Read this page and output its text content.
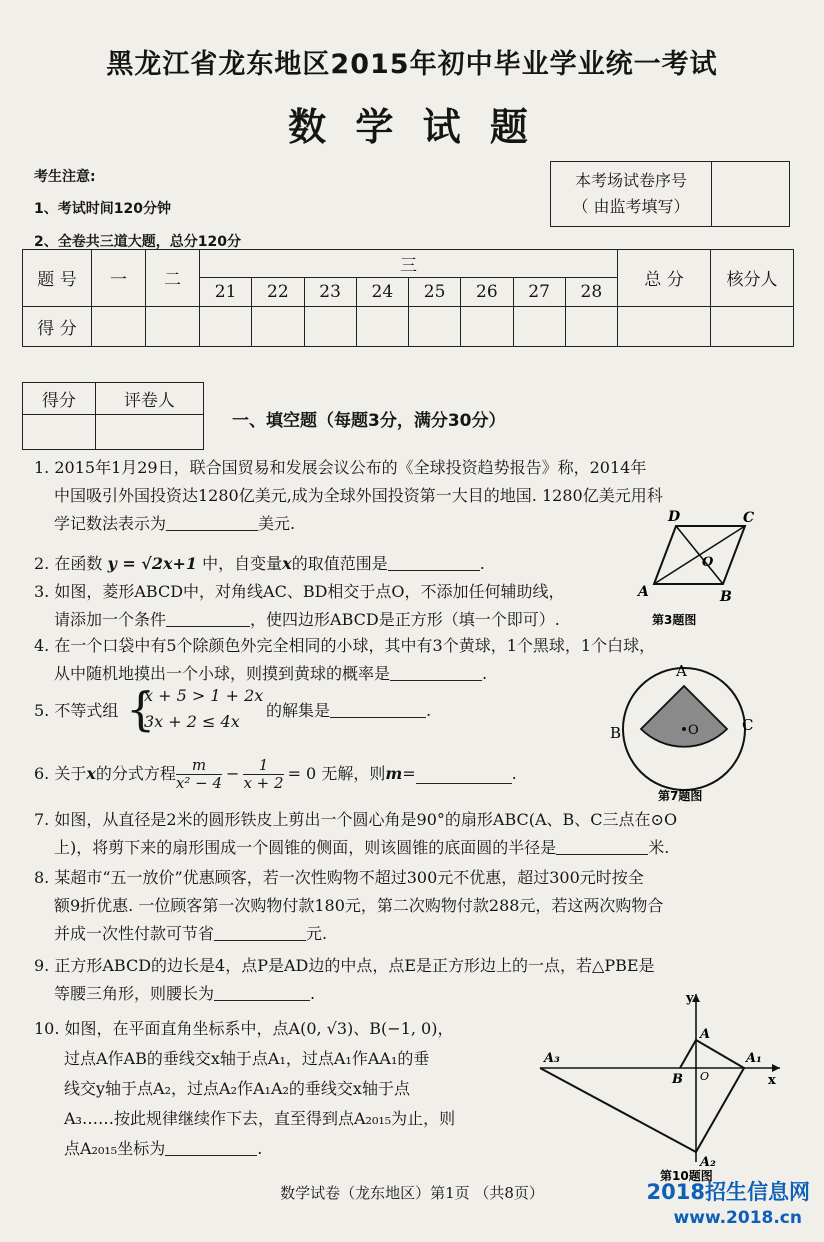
黑龙江省龙东地区2015年初中毕业学业统一考试
数 学 试 题
考生注意:
1、考试时间120分钟
2、全卷共三道大题，总分120分
本考场试卷序号
（ 由监考填写）

题 号	一	二	三								总 分	核分人
			21	22	23	24	25	26	27	28		
得 分												
得分	评卷人

一、填空题（每题3分，满分30分）
1. 2015年1月29日，联合国贸易和发展会议公布的《全球投资趋势报告》称，2014年
中国吸引外国投资达1280亿美元,成为全球外国投资第一大目的地国. 1280亿美元用科
学记数法表示为	美元.
2. 在函数 y = √2x+1 中，自变量x的取值范围是	.
3. 如图，菱形ABCD中，对角线AC、BD相交于点O，不添加任何辅助线，
请添加一个条件	，使四边形ABCD是正方形（填一个即可）.
D	C
A	B
O
第3题图
4. 在一个口袋中有5个除颜色外完全相同的小球，其中有3个黄球，1个黑球，1个白球，
从中随机地摸出一个小球，则摸到黄球的概率是	.
5. 不等式组 {
x + 5 > 1 + 2x
3x + 2 ≤ 4x
的解集是	.
A
B	C
O
第7题图
6. 关于 x 的分式方程 $\frac{m}{\text{x² − 4}} - \frac{1}{x + 2} = 0$ 无解，则 m =	.
7. 如图，从直径是2米的圆形铁皮上剪出一个圆心角是90°的扇形ABC(A、B、C三点在⊙O
上)，将剪下来的扇形围成一个圆锥的侧面，则该圆锥的底面圆的半径是	米.
8. 某超市“五一放价”优惠顾客，若一次性购物不超过300元不优惠，超过300元时按全
额9折优惠. 一位顾客第一次购物付款180元，第二次购物付款288元，若这两次购物合
并成一次性付款可节省	元.
9. 正方形ABCD的边长是4，点P是AD边的中点，点E是正方形边上的一点，若△PBE是
等腰三角形，则腰长为	.
10. 如图，在平面直角坐标系中，点A(0, √3)、B(−1, 0)，
过点A作AB的垂线交x轴于点A₁，过点A₁作AA₁的垂
线交y轴于点A₂，过点A₂作A₁A₂的垂线交x轴于点
A₃……按此规律继续作下去，直至得到点A₂₀₁₅为止，则
点A₂₀₁₅坐标为	.
y
x
A
A₁
A₂
A₃
B O
第10题图
数学试卷（龙东地区）第1页 （共8页）	2018招生信息网
www.2018.cn
